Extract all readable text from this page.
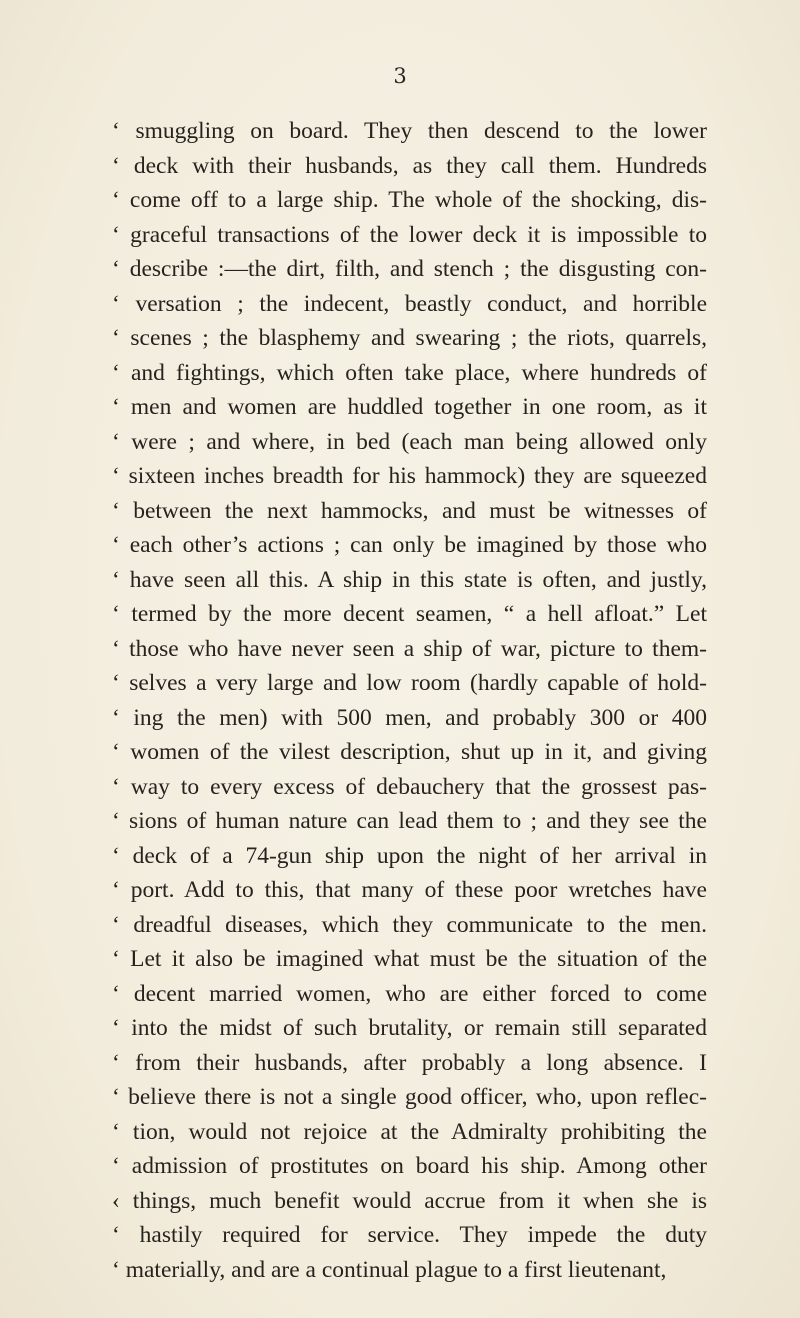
3
‘ smuggling on board. They then descend to the lower
‘ deck with their husbands, as they call them. Hundreds
‘ come off to a large ship. The whole of the shocking, dis-
‘ graceful transactions of the lower deck it is impossible to
‘ describe :—the dirt, filth, and stench ; the disgusting con-
‘ versation ; the indecent, beastly conduct, and horrible
‘ scenes ; the blasphemy and swearing ; the riots, quarrels,
‘ and fightings, which often take place, where hundreds of
‘ men and women are huddled together in one room, as it
‘ were ; and where, in bed (each man being allowed only
‘ sixteen inches breadth for his hammock) they are squeezed
‘ between the next hammocks, and must be witnesses of
‘ each other’s actions ; can only be imagined by those who
‘ have seen all this. A ship in this state is often, and justly,
‘ termed by the more decent seamen, “ a hell afloat.” Let
‘ those who have never seen a ship of war, picture to them-
‘ selves a very large and low room (hardly capable of hold-
‘ ing the men) with 500 men, and probably 300 or 400
‘ women of the vilest description, shut up in it, and giving
‘ way to every excess of debauchery that the grossest pas-
‘ sions of human nature can lead them to ; and they see the
‘ deck of a 74-gun ship upon the night of her arrival in
‘ port. Add to this, that many of these poor wretches have
‘ dreadful diseases, which they communicate to the men.
‘ Let it also be imagined what must be the situation of the
‘ decent married women, who are either forced to come
‘ into the midst of such brutality, or remain still separated
‘ from their husbands, after probably a long absence. I
‘ believe there is not a single good officer, who, upon reflec-
‘ tion, would not rejoice at the Admiralty prohibiting the
‘ admission of prostitutes on board his ship. Among other
‹ things, much benefit would accrue from it when she is
‘ hastily required for service. They impede the duty
‘ materially, and are a continual plague to a first lieutenant,
